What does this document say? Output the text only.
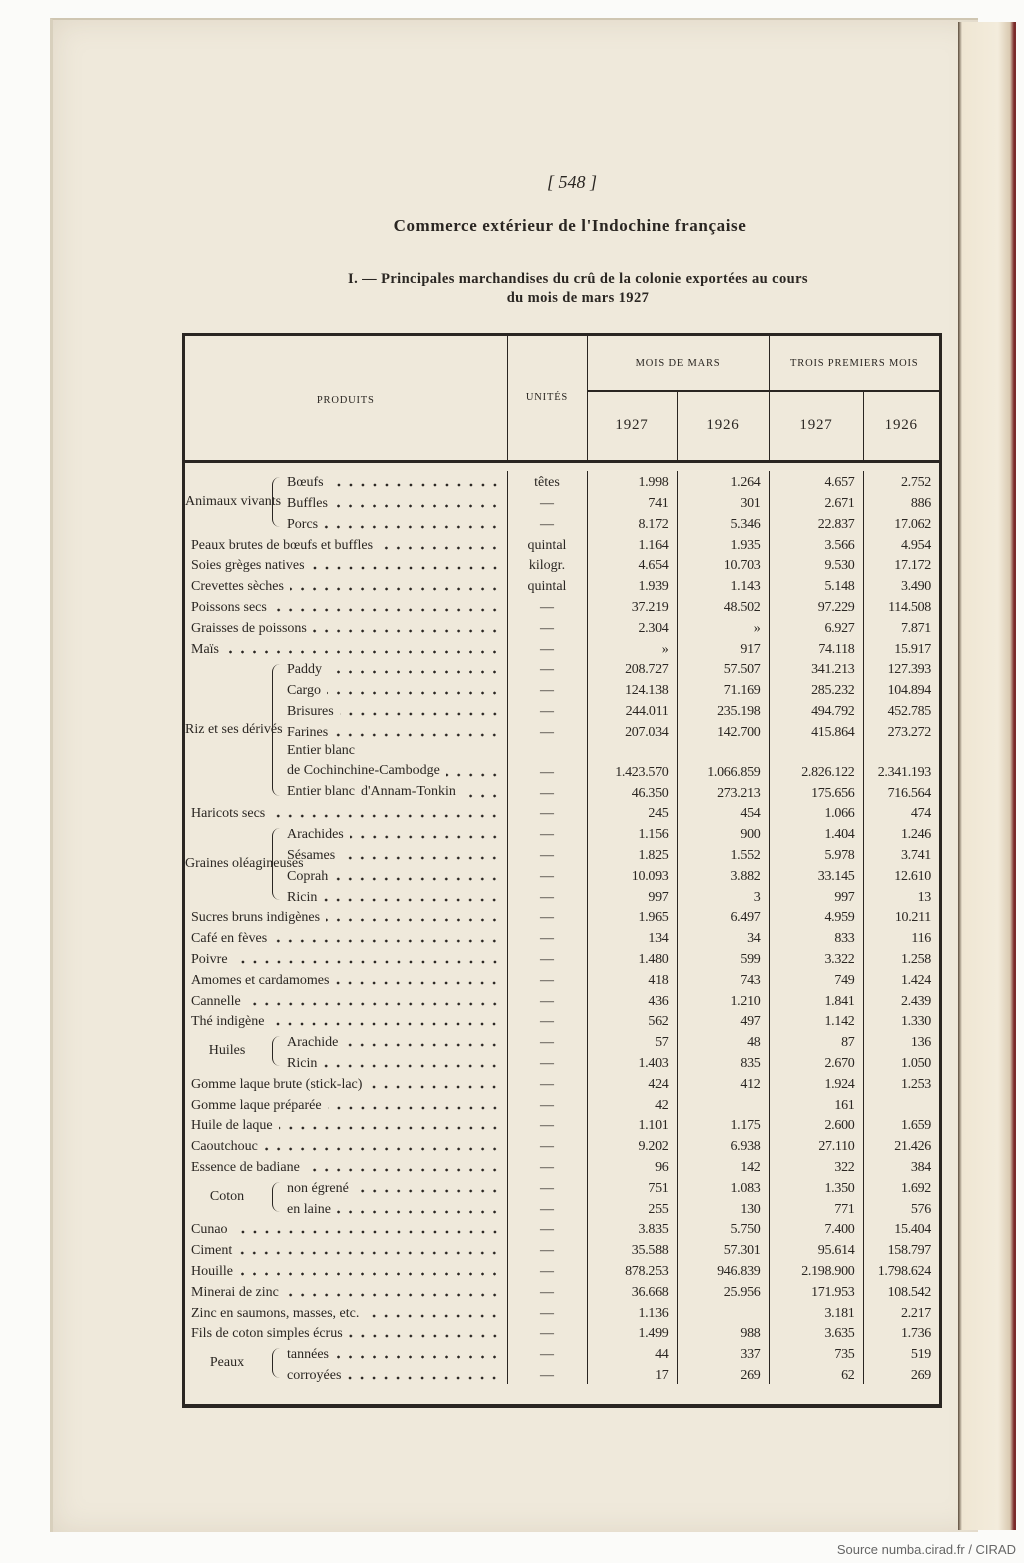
[ 548 ]
Commerce extérieur de l'Indochine française
I. — Principales marchandises du crû de la colonie exportées au cours
du mois de mars 1927
PRODUITS	UNITÉS	MOIS DE MARS		TROIS PREMIERS MOIS	
		1927	1926	1927	1926
Animaux vivants	Bœufs	têtes	1.998	1.264	4.657	2.752

	Buffles	—	741	301	2.671	886

	Porcs	—	8.172	5.346	22.837	17.062

Peaux brutes de bœufs et buffles		quintal	1.164	1.935	3.566	4.954

Soies grèges natives		kilogr.	4.654	10.703	9.530	17.172

Crevettes sèches		quintal	1.939	1.143	5.148	3.490

Poissons secs		—	37.219	48.502	97.229	114.508

Graisses de poissons		—	2.304	»	6.927	7.871

Maïs		—	»	917	74.118	15.917
Riz et ses dérivés	Paddy	—	208.727	57.507	341.213	127.393

	Cargo	—	124.138	71.169	285.232	104.894

	Brisures	—	244.011	235.198	494.792	452.785

	Farines	—	207.034	142.700	415.864	273.272

	Entier blanc
de Cochinchine-Cambodge	—	1.423.570	1.066.859	2.826.122	2.341.193

	Entier blanc d'Annam-Tonkin	—	46.350	273.213	175.656	716.564

Haricots secs		—	245	454	1.066	474
Graines oléagineuses	Arachides	—	1.156	900	1.404	1.246

	Sésames	—	1.825	1.552	5.978	3.741

	Coprah	—	10.093	3.882	33.145	12.610

	Ricin	—	997	3	997	13

Sucres bruns indigènes		—	1.965	6.497	4.959	10.211

Café en fèves		—	134	34	833	116

Poivre		—	1.480	599	3.322	1.258

Amomes et cardamomes		—	418	743	749	1.424

Cannelle		—	436	1.210	1.841	2.439

Thé indigène		—	562	497	1.142	1.330
Huiles	Arachide	—	57	48	87	136

	Ricin	—	1.403	835	2.670	1.050

Gomme laque brute (stick-lac)		—	424	412	1.924	1.253

Gomme laque préparée		—	42		161	

Huile de laque		—	1.101	1.175	2.600	1.659

Caoutchouc		—	9.202	6.938	27.110	21.426

Essence de badiane		—	96	142	322	384
Coton	non égrené	—	751	1.083	1.350	1.692

	en laine	—	255	130	771	576

Cunao		—	3.835	5.750	7.400	15.404

Ciment		—	35.588	57.301	95.614	158.797

Houille		—	878.253	946.839	2.198.900	1.798.624

Minerai de zinc		—	36.668	25.956	171.953	108.542

Zinc en saumons, masses, etc.		—	1.136		3.181	2.217

Fils de coton simples écrus		—	1.499	988	3.635	1.736
Peaux	tannées	—	44	337	735	519

	corroyées	—	17	269	62	269
Source numba.cirad.fr / CIRAD
